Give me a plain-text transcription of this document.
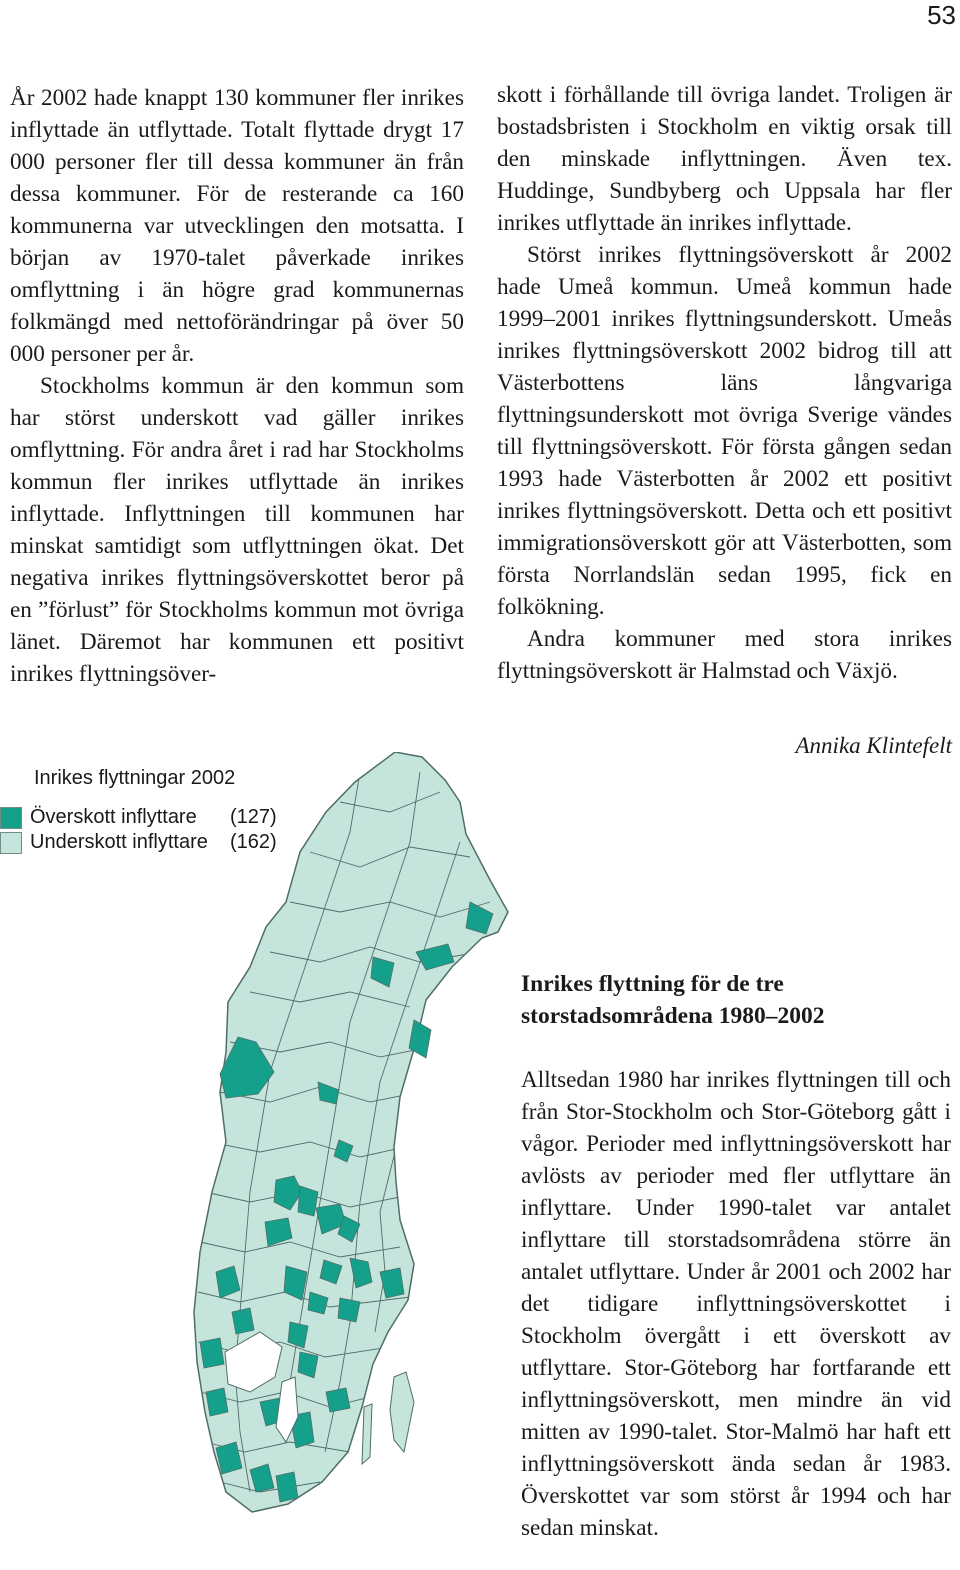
53

År 2002 hade knappt 130 kommuner fler inrikes inflyttade än utflyttade. Totalt flyttade drygt 17 000 personer fler till dessa kommuner än från dessa kommuner. För de resterande ca 160 kommunerna var utvecklingen den motsatta. I början av 1970-talet påverkade inrikes omflyttning i än högre grad kommunernas folkmängd med nettoförändringar på över 50 000 personer per år.

Stockholms kommun är den kommun som har störst underskott vad gäller inrikes omflyttning. För andra året i rad har Stockholms kommun fler inrikes utflyttade än inrikes inflyttade. Inflyttningen till kommunen har minskat samtidigt som utflyttningen ökat. Det negativa inrikes flyttningsöverskottet beror på en ”förlust” för Stockholms kommun mot övriga länet. Däremot har kommunen ett positivt inrikes flyttningsöver-

skott i förhållande till övriga landet. Troligen är bostadsbristen i Stockholm en viktig orsak till den minskade inflyttningen. Även tex. Huddinge, Sundbyberg och Uppsala har fler inrikes utflyttade än inrikes inflyttade.

Störst inrikes flyttningsöverskott år 2002 hade Umeå kommun. Umeå kommun hade 1999–2001 inrikes flyttningsunderskott. Umeås inrikes flyttningsöverskott 2002 bidrog till att Västerbottens läns långvariga flyttningsunderskott mot övriga Sverige vändes till flyttningsöverskott. För första gången sedan 1993 hade Västerbotten år 2002 ett positivt inrikes flyttningsöverskott. Detta och ett positivt immigrationsöverskott gör att Västerbotten, som första Norrlandslän sedan 1995, fick en folkökning.

Andra kommuner med stora inrikes flyttningsöverskott är Halmstad och Växjö.

Annika Klintefelt
Inrikes flyttningar 2002
Överskott inflyttare	(127)
Underskott inflyttare	(162)
Inrikes flyttning för de tre storstadsområdena 1980–2002
Alltsedan 1980 har inrikes flyttningen till och från Stor-Stockholm och Stor-Göteborg gått i vågor. Perioder med inflyttningsöverskott har avlösts av perioder med fler utflyttare än inflyttare. Under 1990-talet var antalet inflyttare till storstadsområdena större än antalet utflyttare. Under år 2001 och 2002 har det tidigare inflyttningsöverskottet i Stockholm övergått i ett överskott av utflyttare. Stor-Göteborg har fortfarande ett inflyttningsöverskott, men mindre än vid mitten av 1990-talet. Stor-Malmö har haft ett inflyttningsöverskott ända sedan år 1983. Överskottet var som störst år 1994 och har sedan minskat.
